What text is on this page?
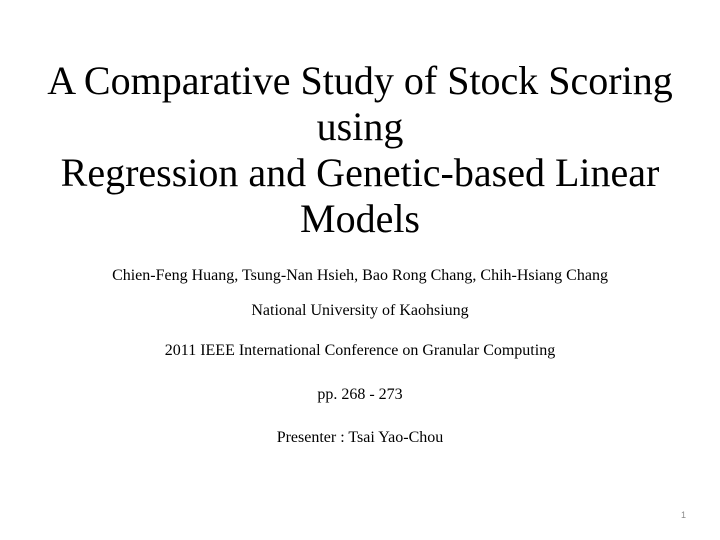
A Comparative Study of Stock Scoring
using
Regression and Genetic-based Linear
Models
Chien-Feng Huang, Tsung-Nan Hsieh, Bao Rong Chang, Chih-Hsiang Chang
National University of Kaohsiung
2011 IEEE International Conference on Granular Computing
pp. 268 - 273
Presenter : Tsai Yao-Chou
1
